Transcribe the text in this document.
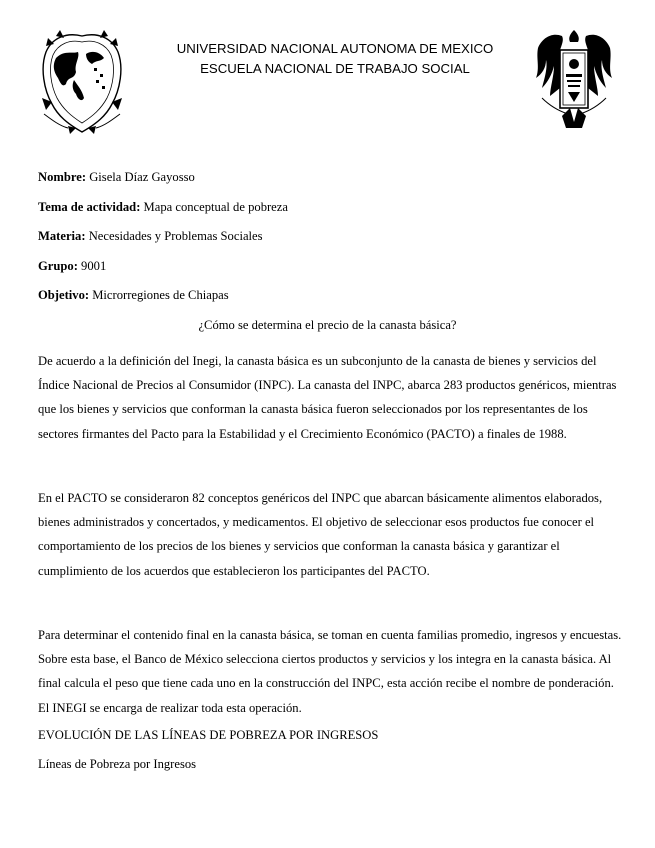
UNIVERSIDAD NACIONAL AUTONOMA DE MEXICO
ESCUELA NACIONAL DE TRABAJO SOCIAL
Nombre: Gisela Díaz Gayosso
Tema de actividad: Mapa conceptual de pobreza
Materia: Necesidades y Problemas Sociales
Grupo: 9001
Objetivo: Microrregiones de Chiapas
¿Cómo se determina el precio de la canasta básica?
De acuerdo a la definición del Inegi, la canasta básica es un subconjunto de la canasta de bienes y servicios del Índice Nacional de Precios al Consumidor (INPC). La canasta del INPC, abarca 283 productos genéricos, mientras que los bienes y servicios que conforman la canasta básica fueron seleccionados por los representantes de los sectores firmantes del Pacto para la Estabilidad y el Crecimiento Económico (PACTO) a finales de 1988.
En el PACTO se consideraron 82 conceptos genéricos del INPC que abarcan básicamente alimentos elaborados, bienes administrados y concertados, y medicamentos. El objetivo de seleccionar esos productos fue conocer el comportamiento de los precios de los bienes y servicios que conforman la canasta básica y garantizar el cumplimiento de los acuerdos que establecieron los participantes del PACTO.
Para determinar el contenido final en la canasta básica, se toman en cuenta familias promedio, ingresos y encuestas. Sobre esta base, el Banco de México selecciona ciertos productos y servicios y los integra en la canasta básica. Al final calcula el peso que tiene cada uno en la construcción del INPC, esta acción recibe el nombre de ponderación. El INEGI se encarga de realizar toda esta operación.
EVOLUCIÓN DE LAS LÍNEAS DE POBREZA POR INGRESOS
Líneas de Pobreza por Ingresos
